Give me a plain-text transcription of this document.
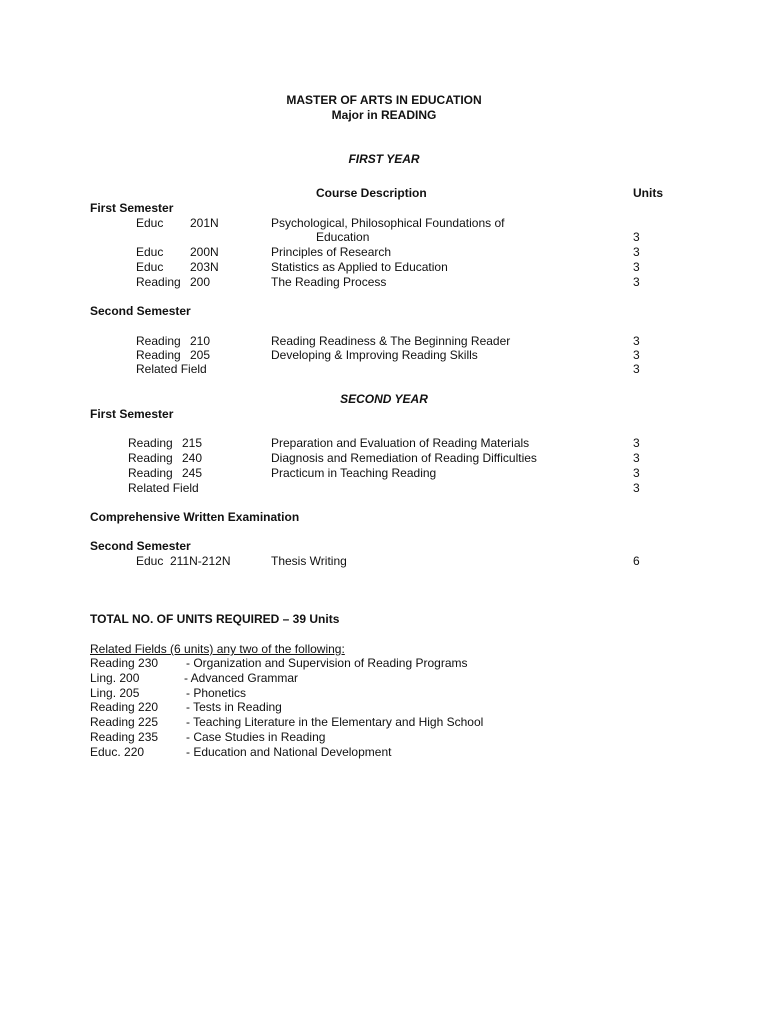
MASTER OF ARTS IN EDUCATION
Major in READING
FIRST YEAR
Course Description	Units
First Semester
Educ 201N	Psychological, Philosophical Foundations of
Education	3
Educ 200N	Principles of Research	3
Educ 203N	Statistics as Applied to Education	3
Reading 200	The Reading Process	3
Second Semester
Reading 210	Reading Readiness & The Beginning Reader	3
Reading 205	Developing & Improving Reading Skills	3
Related Field	3
SECOND YEAR
First Semester
Reading 215	Preparation and Evaluation of Reading Materials	3
Reading 240	Diagnosis and Remediation of Reading Difficulties	3
Reading 245	Practicum in Teaching Reading	3
Related Field	3
Comprehensive Written Examination
Second Semester
Educ 211N-212N	Thesis Writing	6
TOTAL NO. OF UNITS REQUIRED – 39 Units
Related Fields (6 units) any two of the following:
Reading 230 - Organization and Supervision of Reading Programs
Ling. 200	- Advanced Grammar
Ling. 205	- Phonetics
Reading 220 - Tests in Reading
Reading 225 - Teaching Literature in the Elementary and High School
Reading 235 - Case Studies in Reading
Educ. 220	- Education and National Development
